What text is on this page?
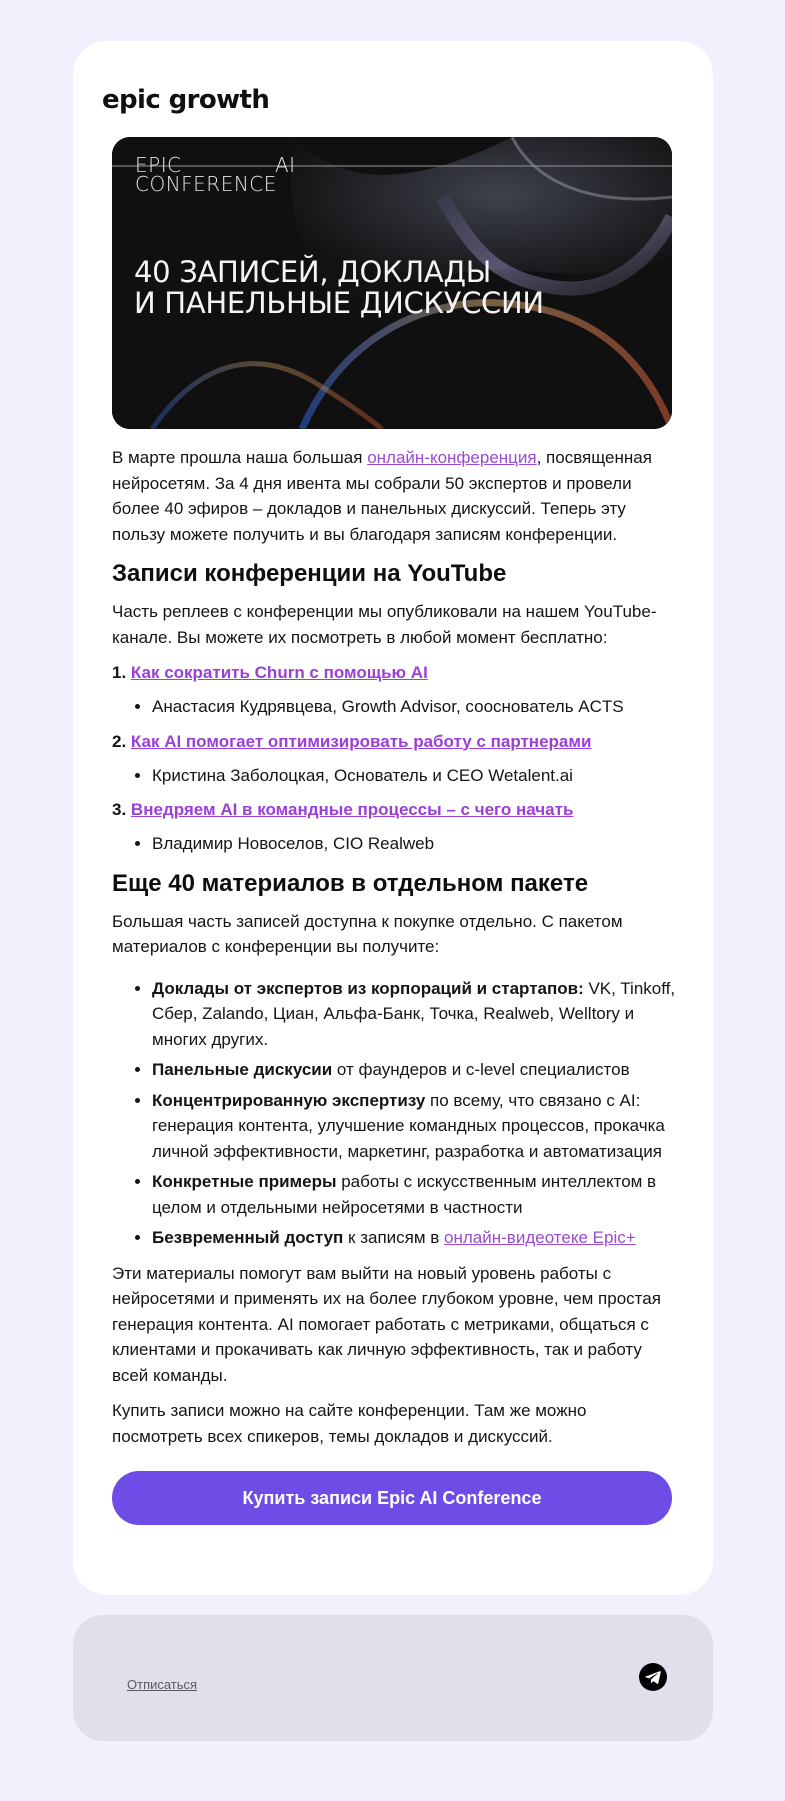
epic growth
EPIC	AI
CONFERENCE
40 ЗАПИСЕЙ, ДОКЛАДЫ
И ПАНЕЛЬНЫЕ ДИСКУССИИ

В марте прошла наша большая онлайн-конференция, посвященная нейросетям. За 4 дня ивента мы собрали 50 экспертов и провели более 40 эфиров – докладов и панельных дискуссий. Теперь эту пользу можете получить и вы благодаря записям конференции.

Записи конференции на YouTube

Часть реплеев с конференции мы опубликовали на нашем YouTube-канале. Вы можете их посмотреть в любой момент бесплатно:

1. Как сократить Churn с помощью AI
• Анастасия Кудрявцева, Growth Advisor, сооснователь ACTS
2. Как AI помогает оптимизировать работу с партнерами
• Кристина Заболоцкая, Основатель и CEO Wetalent.ai
3. Внедряем AI в командные процессы – с чего начать
• Владимир Новоселов, CIO Realweb
Еще 40 материалов в отдельном пакете

Большая часть записей доступна к покупке отдельно. С пакетом материалов с конференции вы получите:

• Доклады от экспертов из корпораций и стартапов: VK, Tinkoff, Сбер, Zalando, Циан, Альфа-Банк, Точка, Realweb, Welltory и многих других.
• Панельные дискусии от фаундеров и c-level специалистов
• Концентрированную экспертизу по всему, что связано с AI: генерация контента, улучшение командных процессов, прокачка личной эффективности, маркетинг, разработка и автоматизация
• Конкретные примеры работы с искусственным интеллектом в целом и отдельными нейросетями в частности
• Безвременный доступ к записям в онлайн-видеотеке Epic+

Эти материалы помогут вам выйти на новый уровень работы с нейросетями и применять их на более глубоком уровне, чем простая генерация контента. AI помогает работать с метриками, общаться с клиентами и прокачивать как личную эффективность, так и работу всей команды.

Купить записи можно на сайте конференции. Там же можно посмотреть всех спикеров, темы докладов и дискуссий.

Купить записи Epic AI Conference
Отписаться
